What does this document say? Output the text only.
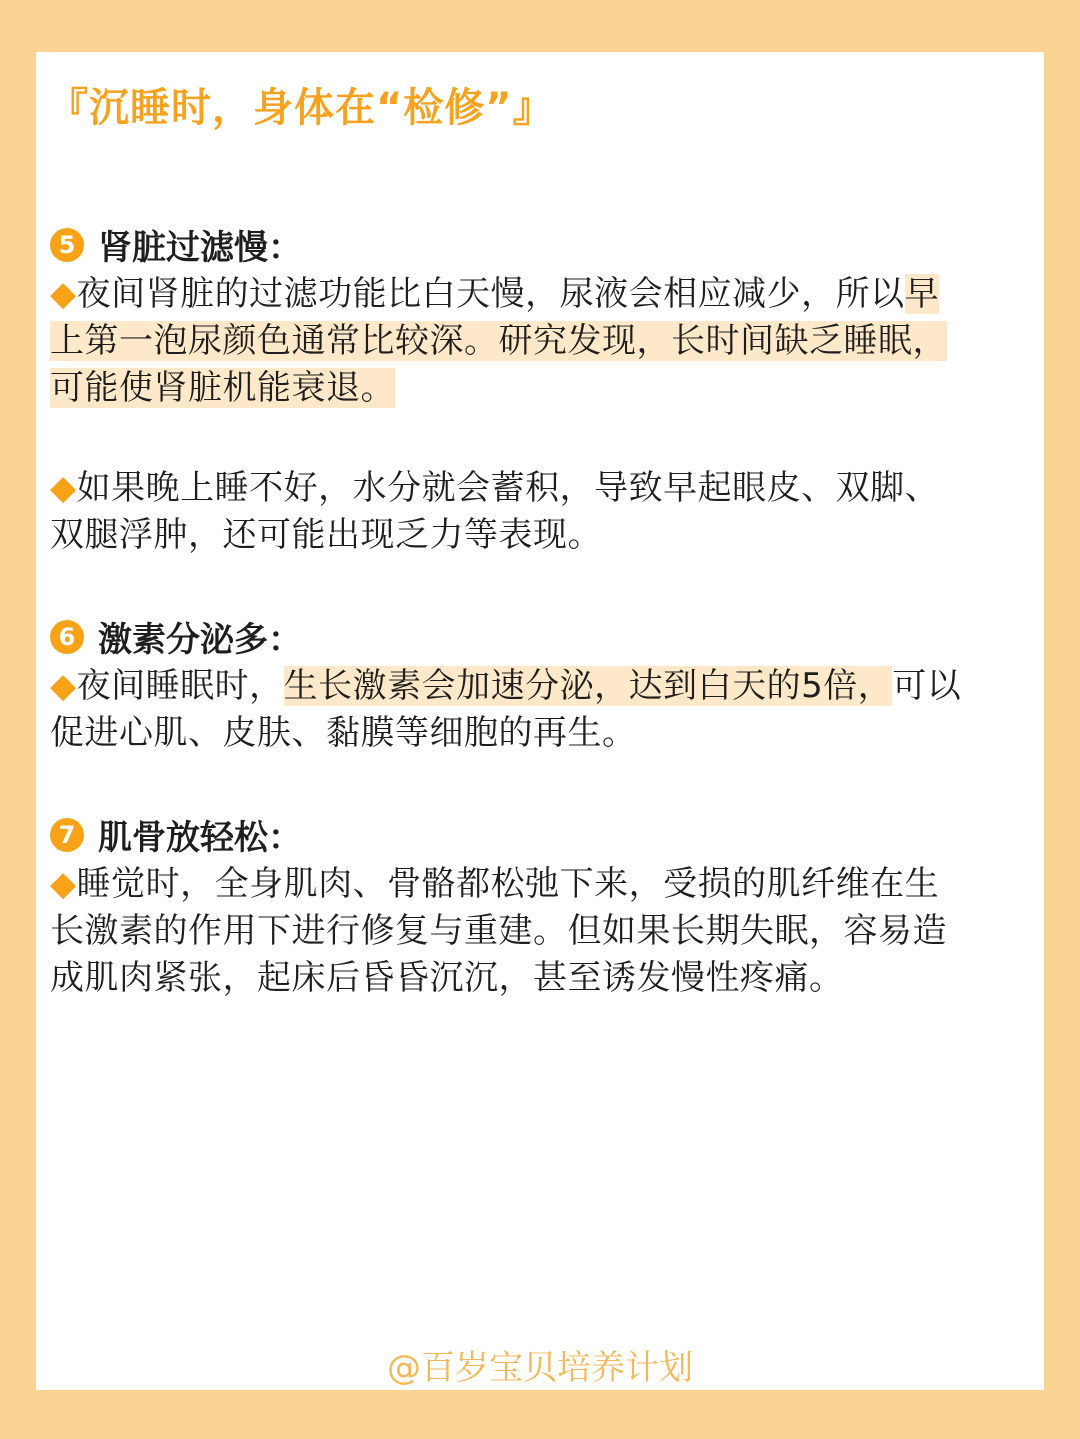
『沉睡时，身体在“检修”』
5 肾脏过滤慢：

◆夜间肾脏的过滤功能比白天慢，尿液会相应减少，所以早上第一泡尿颜色通常比较深。研究发现，长时间缺乏睡眠，可能使肾脏机能衰退。

◆如果晚上睡不好，水分就会蓄积，导致早起眼皮、双脚、双腿浮肿，还可能出现乏力等表现。

6 激素分泌多：

◆夜间睡眠时，生长激素会加速分泌，达到白天的5倍，可以促进心肌、皮肤、黏膜等细胞的再生。

7 肌骨放轻松：

◆睡觉时，全身肌肉、骨骼都松弛下来，受损的肌纤维在生长激素的作用下进行修复与重建。但如果长期失眠，容易造成肌肉紧张，起床后昏昏沉沉，甚至诱发慢性疼痛。

@百岁宝贝培养计划
